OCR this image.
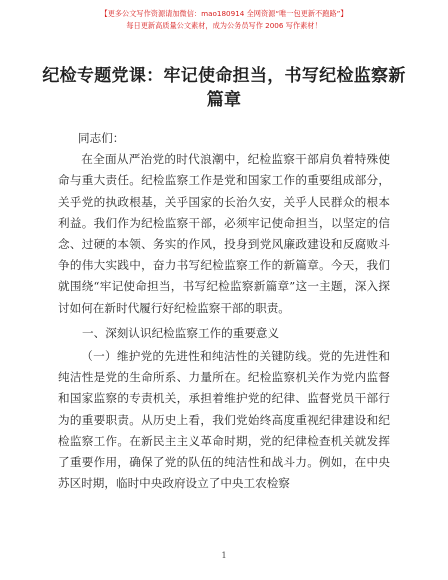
【更多公文写作资源请加微信：mao180914 全网资源“唯一包更新不跑路”】
每日更新高质量公文素材，成为公务员写作 2006 写作素材！
纪检专题党课：牢记使命担当，书写纪检监察新篇章

同志们：

在全面从严治党的时代浪潮中，纪检监察干部肩负着特殊使命与重大责任。纪检监察工作是党和国家工作的重要组成部分，关乎党的执政根基，关乎国家的长治久安，关乎人民群众的根本利益。我们作为纪检监察干部，必须牢记使命担当，以坚定的信念、过硬的本领、务实的作风，投身到党风廉政建设和反腐败斗争的伟大实践中，奋力书写纪检监察工作的新篇章。今天，我们就围绕“牢记使命担当，书写纪检监察新篇章”这一主题，深入探讨如何在新时代履行好纪检监察干部的职责。

一、深刻认识纪检监察工作的重要意义

（一）维护党的先进性和纯洁性的关键防线。党的先进性和纯洁性是党的生命所系、力量所在。纪检监察机关作为党内监督和国家监察的专责机关，承担着维护党的纪律、监督党员干部行为的重要职责。从历史上看，我们党始终高度重视纪律建设和纪检监察工作。在新民主主义革命时期，党的纪律检查机关就发挥了重要作用，确保了党的队伍的纯洁性和战斗力。例如，在中央苏区时期，临时中央政府设立了中央工农检察

1
